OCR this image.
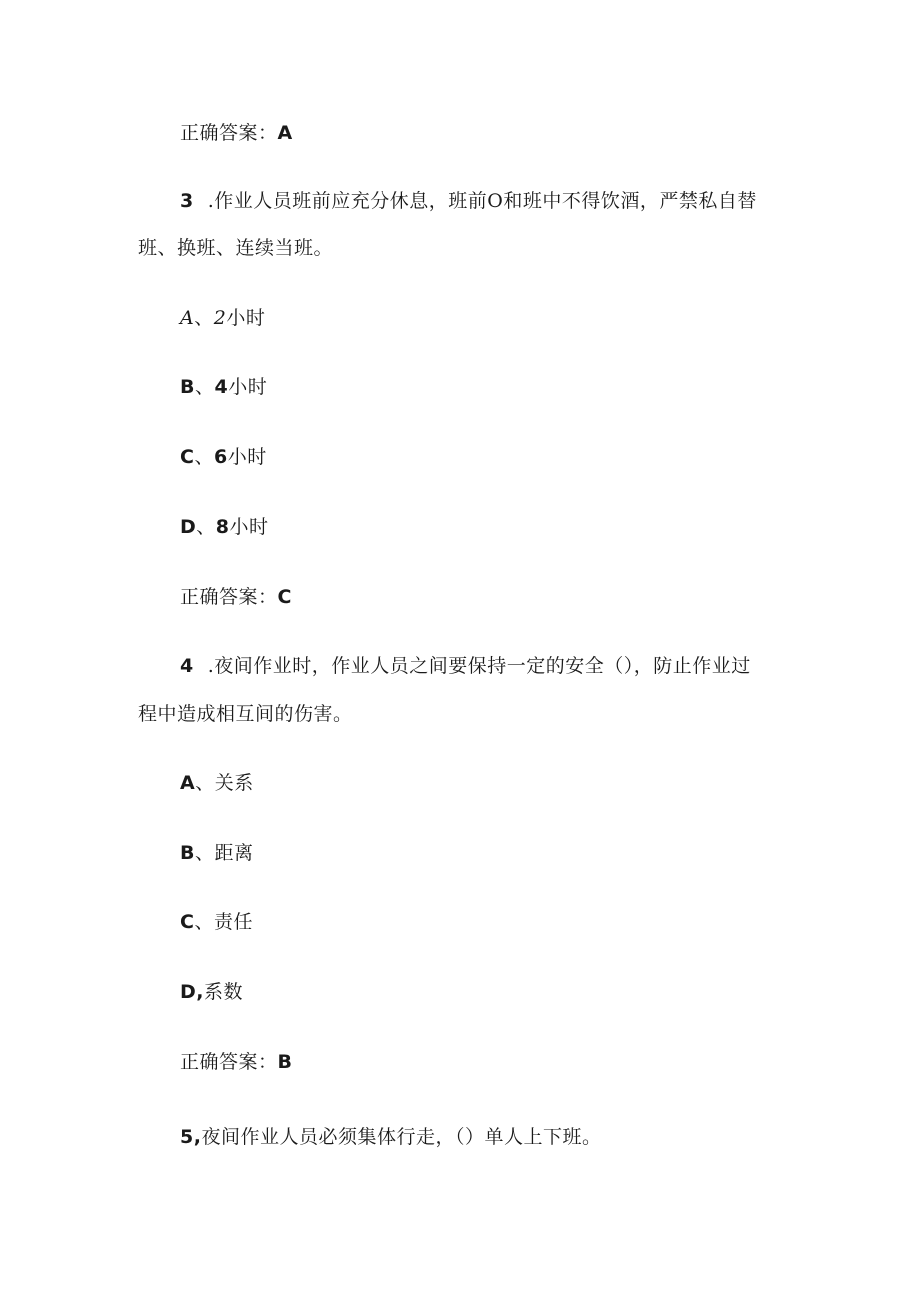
正确答案：A
3 .作业人员班前应充分休息，班前O和班中不得饮酒，严禁私自替
班、换班、连续当班。
A、2小时
B、4小时
C、6小时
D、8小时
正确答案：C
4 .夜间作业时，作业人员之间要保持一定的安全（），防止作业过
程中造成相互间的伤害。
A、关系
B、距离
C、责任
D,系数
正确答案：B
5,夜间作业人员必须集体行走，（）单人上下班。
